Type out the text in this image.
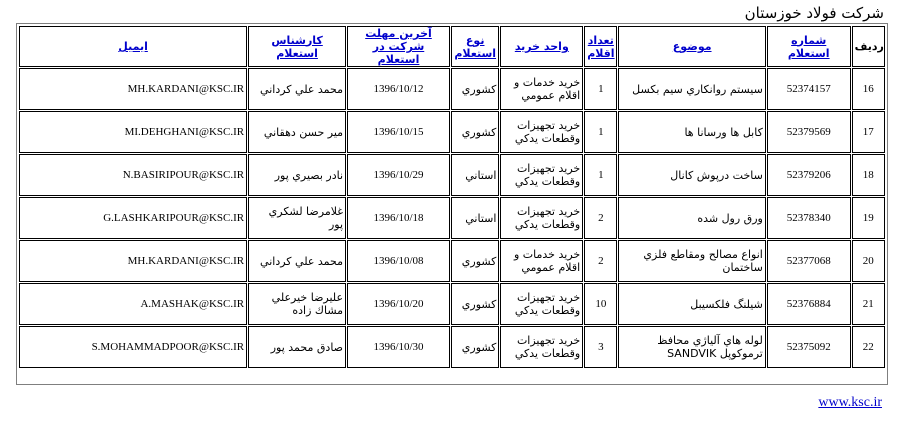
شرکت فولاد خوزستان
ایمیل	کارشناس استعلام	آخرین مهلت شرکت در استعلام	نوع استعلام	واحد خرید	تعداد اقلام	موضوع	شماره استعلام	ردیف
MH.KARDANI@KSC.IR	محمد علي كرداني	1396/10/12	كشوري	خريد خدمات و اقلام عمومي	1	سيستم روانكاري سيم بكسل	52374157	16
MI.DEHGHANI@KSC.IR	مير حسن دهقاني	1396/10/15	كشوري	خريد تجهيزات وقطعات يدكي	1	كابل ها ورسانا ها	52379569	17
N.BASIRIPOUR@KSC.IR	نادر بصيري پور	1396/10/29	استاني	خريد تجهيزات وقطعات يدكي	1	ساخت درپوش كانال	52379206	18
G.LASHKARIPOUR@KSC.IR	غلامرضا لشكري پور	1396/10/18	استاني	خريد تجهيزات وقطعات يدكي	2	ورق رول شده	52378340	19
MH.KARDANI@KSC.IR	محمد علي كرداني	1396/10/08	كشوري	خريد خدمات و اقلام عمومي	2	انواع مصالح ومقاطع فلزي ساختمان	52377068	20
A.MASHAK@KSC.IR	عليرضا خيرعلي مشاك زاده	1396/10/20	كشوري	خريد تجهيزات وقطعات يدكي	10	شيلنگ فلكسيبل	52376884	21
S.MOHAMMADPOOR@KSC.IR	صادق محمد پور	1396/10/30	كشوري	خريد تجهيزات وقطعات يدكي	3	لوله هاي آلياژي محافظ ترموكوپل SANDVIK	52375092	22
www.ksc.ir
